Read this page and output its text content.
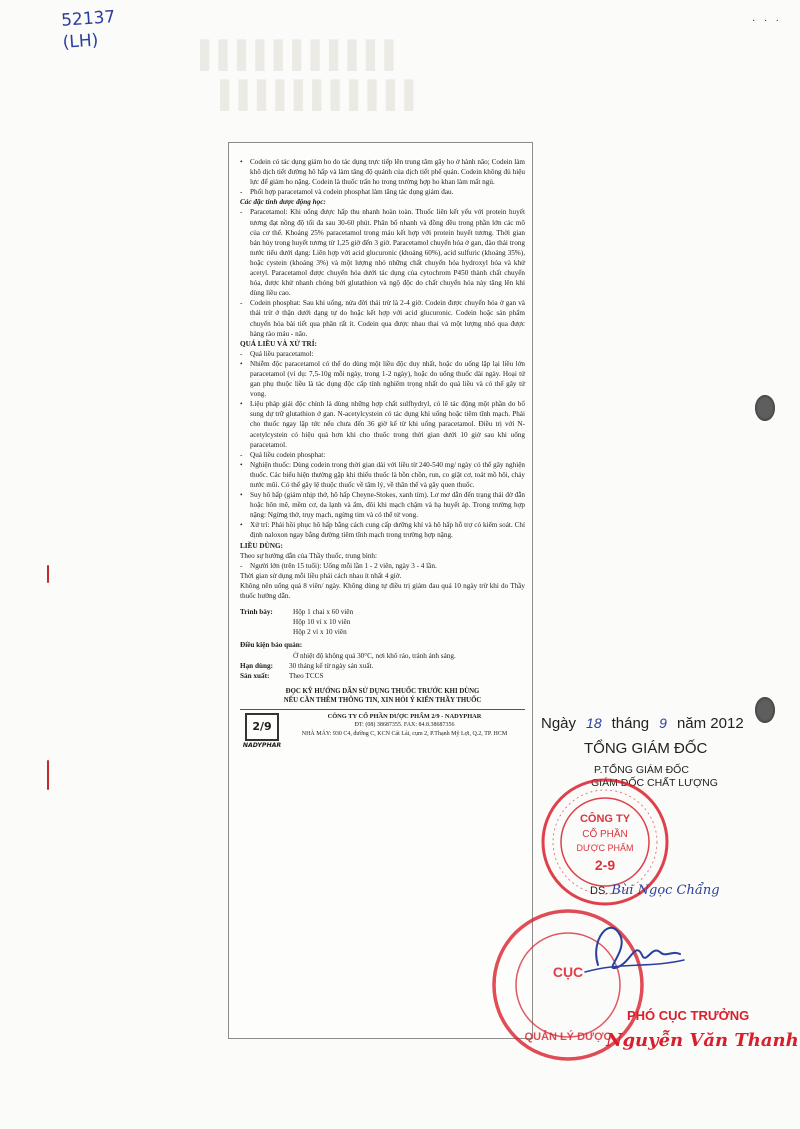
52137
(LH)
· · ·
▌▌▌▌▌▌▌▌▌▌▌
▌▌▌▌▌▌▌▌▌▌▌

• Codein có tác dụng giảm ho do tác dụng trực tiếp lên trung tâm gây ho ở hành não; Codein làm khô dịch tiết đường hô hấp và làm tăng độ quánh của dịch tiết phế quản. Codein không đủ hiệu lực để giảm ho nặng. Codein là thuốc trấn ho trong trường hợp ho khan làm mất ngủ.

- Phối hợp paracetamol và codein phosphat làm tăng tác dụng giảm đau.

Các đặc tính dược động học:

- Paracetamol: Khi uống được hấp thu nhanh hoàn toàn. Thuốc liên kết yếu với protein huyết tương đạt nồng độ tối đa sau 30-60 phút. Phân bố nhanh và đồng đều trong phần lớn các mô của cơ thể. Khoảng 25% paracetamol trong máu kết hợp với protein huyết tương. Thời gian bán hủy trong huyết tương từ 1,25 giờ đến 3 giờ. Paracetamol chuyển hóa ở gan, đào thải trong nước tiểu dưới dạng: Liên hợp với acid glucuronic (khoảng 60%), acid sulfuric (khoảng 35%), hoặc cystein (khoảng 3%) và một lượng nhỏ những chất chuyển hóa hydroxyl hóa và khử acetyl. Paracetamol được chuyển hóa dưới tác dụng của cytochrom P450 thành chất chuyển hóa, được khử nhanh chóng bởi glutathion và ngộ độc do chất chuyển hóa này tăng lên khi dùng liều cao.

- Codein phosphat: Sau khi uống, nửa đời thải trừ là 2-4 giờ. Codein được chuyển hóa ở gan và thải trừ ở thận dưới dạng tự do hoặc kết hợp với acid glucuronic. Codein hoặc sản phẩm chuyển hóa bài tiết qua phân rất ít. Codein qua được nhau thai và một lượng nhỏ qua được hàng rào máu - não.

QUÁ LIỀU VÀ XỬ TRÍ:

- Quá liều paracetamol:

• Nhiễm độc paracetamol có thể do dùng một liều độc duy nhất, hoặc do uống lặp lại liều lớn paracetamol (ví dụ: 7,5-10g mỗi ngày, trong 1-2 ngày), hoặc do uống thuốc dài ngày. Hoại tử gan phụ thuộc liều là tác dụng độc cấp tính nghiêm trọng nhất do quá liều và có thể gây tử vong.

• Liệu pháp giải độc chính là dùng những hợp chất sulfhydryl, có lẽ tác động một phần do bổ sung dự trữ glutathion ở gan. N-acetylcystein có tác dụng khi uống hoặc tiêm tĩnh mạch. Phải cho thuốc ngay lập tức nếu chưa đến 36 giờ kể từ khi uống paracetamol. Điều trị với N-acetylcystein có hiệu quả hơn khi cho thuốc trong thời gian dưới 10 giờ sau khi uống paracetamol.

- Quá liều codein phosphat:

• Nghiện thuốc: Dùng codein trong thời gian dài với liều từ 240-540 mg/ ngày có thể gây nghiện thuốc. Các biểu hiện thường gặp khi thiếu thuốc là bồn chồn, run, co giật cơ, toát mồ hôi, chảy nước mũi. Có thể gây lệ thuộc thuốc về tâm lý, về thân thể và gây quen thuốc.

• Suy hô hấp (giảm nhịp thở, hô hấp Cheyne-Stokes, xanh tím). Lơ mơ dẫn đến trạng thái đờ đẫn hoặc hôn mê, mềm cơ, da lạnh và ẩm, đôi khi mạch chậm và hạ huyết áp. Trong trường hợp nặng: Ngừng thở, trụy mạch, ngừng tim và có thể tử vong.

• Xử trí: Phải hồi phục hô hấp bằng cách cung cấp dưỡng khí và hô hấp hỗ trợ có kiểm soát. Chỉ định naloxon ngay bằng đường tiêm tĩnh mạch trong trường hợp nặng.

LIỀU DÙNG:

Theo sự hướng dẫn của Thầy thuốc, trung bình:

- Người lớn (trên 15 tuổi): Uống mỗi lần 1 - 2 viên, ngày 3 - 4 lần.

Thời gian sử dụng mỗi liều phải cách nhau ít nhất 4 giờ.

Không nên uống quá 8 viên/ ngày. Không dùng tự điều trị giảm đau quá 10 ngày trừ khi do Thầy thuốc hướng dẫn.

Trình bày:	Hộp 1 chai x 60 viên
Hộp 10 vỉ x 10 viên
Hộp 2 vỉ x 10 viên

Điều kiện bảo quản:

Ở nhiệt độ không quá 30°C, nơi khô ráo, tránh ánh sáng.

Hạn dùng:	30 tháng kể từ ngày sản xuất.
Sản xuất:	Theo TCCS
ĐỌC KỸ HƯỚNG DẪN SỬ DỤNG THUỐC TRƯỚC KHI DÙNG
NẾU CẦN THÊM THÔNG TIN, XIN HỎI Ý KIẾN THẦY THUỐC
2/9
NADYPHAR
CÔNG TY CỔ PHẦN DƯỢC PHẨM 2/9 - NADYPHAR
ĐT: (08) 38687355. FAX: 84.8.38687356
NHÀ MÁY: 930 C4, đường C, KCN Cát Lái, cụm 2, P.Thạnh Mỹ Lợi, Q.2, TP. HCM
Ngày 18 tháng 9 năm 2012
TỔNG GIÁM ĐỐC
P.TỔNG GIÁM ĐỐC
GIÁM ĐỐC CHẤT LƯỢNG
CÔNG TY
CỔ PHẦN
DƯỢC PHẨM
2-9
DS. Bùi Ngọc Chẩng
CỤC
QUẢN LÝ DƯỢC
PHÓ CỤC TRƯỞNG
Nguyễn Văn Thanh
